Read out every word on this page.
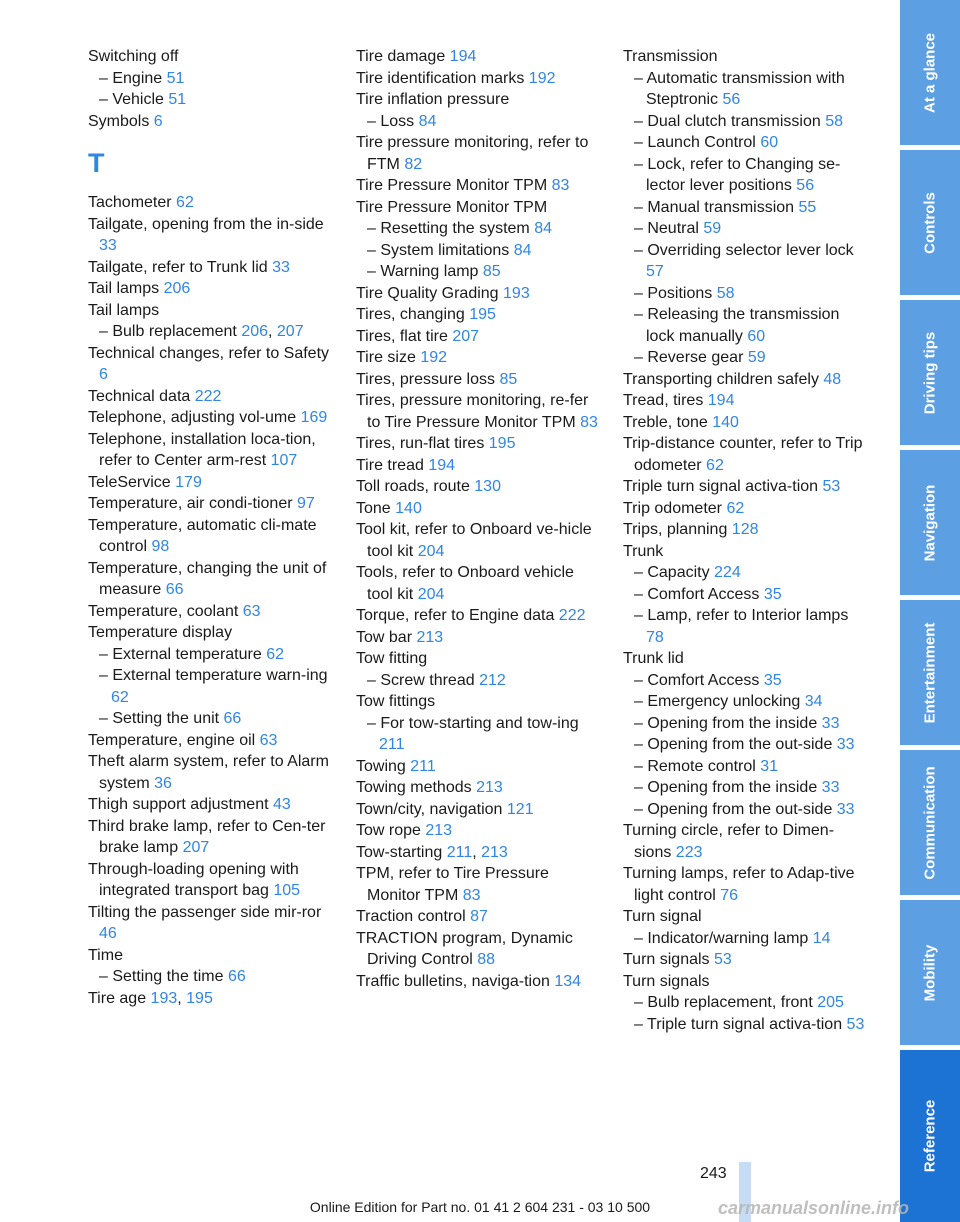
Switching off
– Engine 51
– Vehicle 51
Symbols 6
T
Tachometer 62
Tailgate, opening from the in-side 33
Tailgate, refer to Trunk lid 33
Tail lamps 206
Tail lamps
– Bulb replacement 206, 207
Technical changes, refer to Safety 6
Technical data 222
Telephone, adjusting vol-ume 169
Telephone, installation loca-tion, refer to Center arm-rest 107
TeleService 179
Temperature, air condi-tioner 97
Temperature, automatic cli-mate control 98
Temperature, changing the unit of measure 66
Temperature, coolant 63
Temperature display
– External temperature 62
– External temperature warn-ing 62
– Setting the unit 66
Temperature, engine oil 63
Theft alarm system, refer to Alarm system 36
Thigh support adjustment 43
Third brake lamp, refer to Cen-ter brake lamp 207
Through-loading opening with integrated transport bag 105
Tilting the passenger side mir-ror 46
Time
– Setting the time 66
Tire age 193, 195
Tire damage 194
Tire identification marks 192
Tire inflation pressure
– Loss 84
Tire pressure monitoring, refer to FTM 82
Tire Pressure Monitor TPM 83
Tire Pressure Monitor TPM
– Resetting the system 84
– System limitations 84
– Warning lamp 85
Tire Quality Grading 193
Tires, changing 195
Tires, flat tire 207
Tire size 192
Tires, pressure loss 85
Tires, pressure monitoring, re-fer to Tire Pressure Monitor TPM 83
Tires, run-flat tires 195
Tire tread 194
Toll roads, route 130
Tone 140
Tool kit, refer to Onboard ve-hicle tool kit 204
Tools, refer to Onboard vehicle tool kit 204
Torque, refer to Engine data 222
Tow bar 213
Tow fitting
– Screw thread 212
Tow fittings
– For tow-starting and tow-ing 211
Towing 211
Towing methods 213
Town/city, navigation 121
Tow rope 213
Tow-starting 211, 213
TPM, refer to Tire Pressure Monitor TPM 83
Traction control 87
TRACTION program, Dynamic Driving Control 88
Traffic bulletins, naviga-tion 134
Transmission
– Automatic transmission with Steptronic 56
– Dual clutch transmission 58
– Launch Control 60
– Lock, refer to Changing se-lector lever positions 56
– Manual transmission 55
– Neutral 59
– Overriding selector lever lock 57
– Positions 58
– Releasing the transmission lock manually 60
– Reverse gear 59
Transporting children safely 48
Tread, tires 194
Treble, tone 140
Trip-distance counter, refer to Trip odometer 62
Triple turn signal activa-tion 53
Trip odometer 62
Trips, planning 128
Trunk
– Capacity 224
– Comfort Access 35
– Lamp, refer to Interior lamps 78
Trunk lid
– Comfort Access 35
– Emergency unlocking 34
– Opening from the inside 33
– Opening from the out-side 33
– Remote control 31
– Opening from the inside 33
– Opening from the out-side 33
Turning circle, refer to Dimen-sions 223
Turning lamps, refer to Adap-tive light control 76
Turn signal
– Indicator/warning lamp 14
Turn signals 53
Turn signals
– Bulb replacement, front 205
– Triple turn signal activa-tion 53
At a glance
Controls
Driving tips
Navigation
Entertainment
Communication
Mobility
Reference
243
Online Edition for Part no. 01 41 2 604 231 - 03 10 500	carmanualsonline.info
